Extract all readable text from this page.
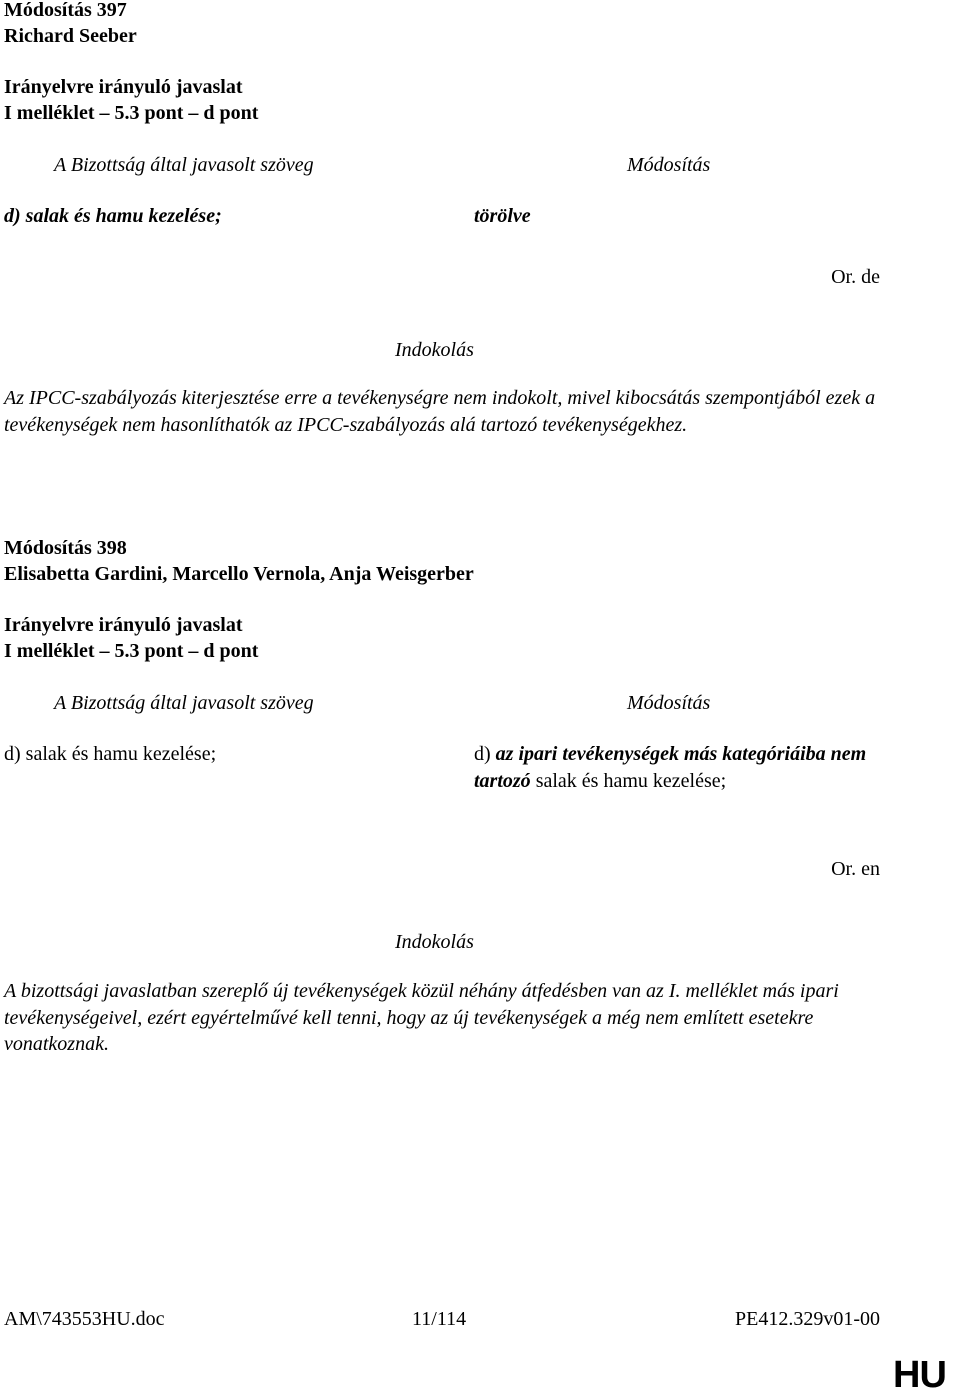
Módosítás 397
Richard Seeber
Irányelvre irányuló javaslat
I melléklet – 5.3 pont – d pont
A Bizottság által javasolt szöveg	Módosítás
d) salak és hamu kezelése;	törölve
Or. de
Indokolás
Az IPCC-szabályozás kiterjesztése erre a tevékenységre nem indokolt, mivel kibocsátás szempontjából ezek a tevékenységek nem hasonlíthatók az IPCC-szabályozás alá tartozó tevékenységekhez.
Módosítás 398
Elisabetta Gardini, Marcello Vernola, Anja Weisgerber
Irányelvre irányuló javaslat
I melléklet – 5.3 pont – d pont
A Bizottság által javasolt szöveg	Módosítás
d) salak és hamu kezelése;	d) az ipari tevékenységek más kategóriáiba nem tartozó salak és hamu kezelése;
Or. en
Indokolás
A bizottsági javaslatban szereplő új tevékenységek közül néhány átfedésben van az I. melléklet más ipari tevékenységeivel, ezért egyértelművé kell tenni, hogy az új tevékenységek a még nem említett esetekre vonatkoznak.
AM\743553HU.doc	11/114	PE412.329v01-00
HU
